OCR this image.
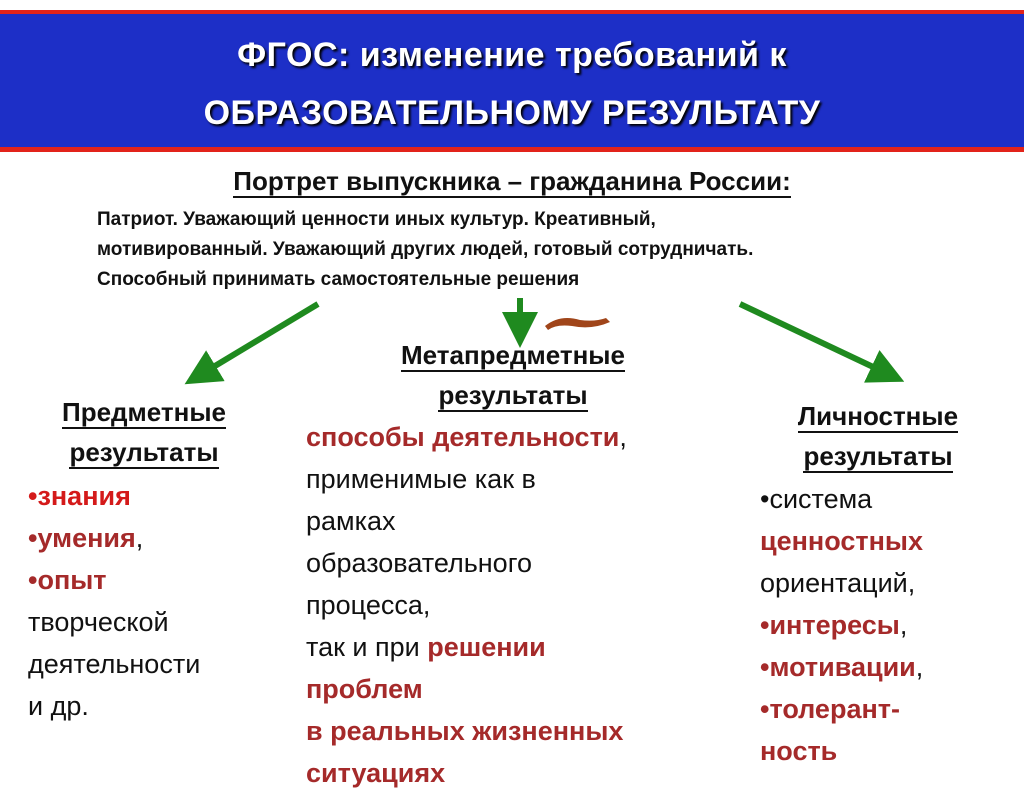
ФГОС: изменение требований к
ОБРАЗОВАТЕЛЬНОМУ РЕЗУЛЬТАТУ
Портрет выпускника – гражданина России:
Патриот. Уважающий ценности иных культур. Креативный,
мотивированный. Уважающий других людей, готовый сотрудничать.
Способный принимать самостоятельные решения
Предметные
результаты
•знания
•умения,
•опыт
творческой
деятельности
и др.
Метапредметные
результаты
способы деятельности,
применимые как в
рамках
образовательного
процесса,
так и при решении
проблем
в реальных жизненных
ситуациях
Личностные
результаты
•система
ценностных
ориентаций,
•интересы,
•мотивации,
•толерант-
ность
